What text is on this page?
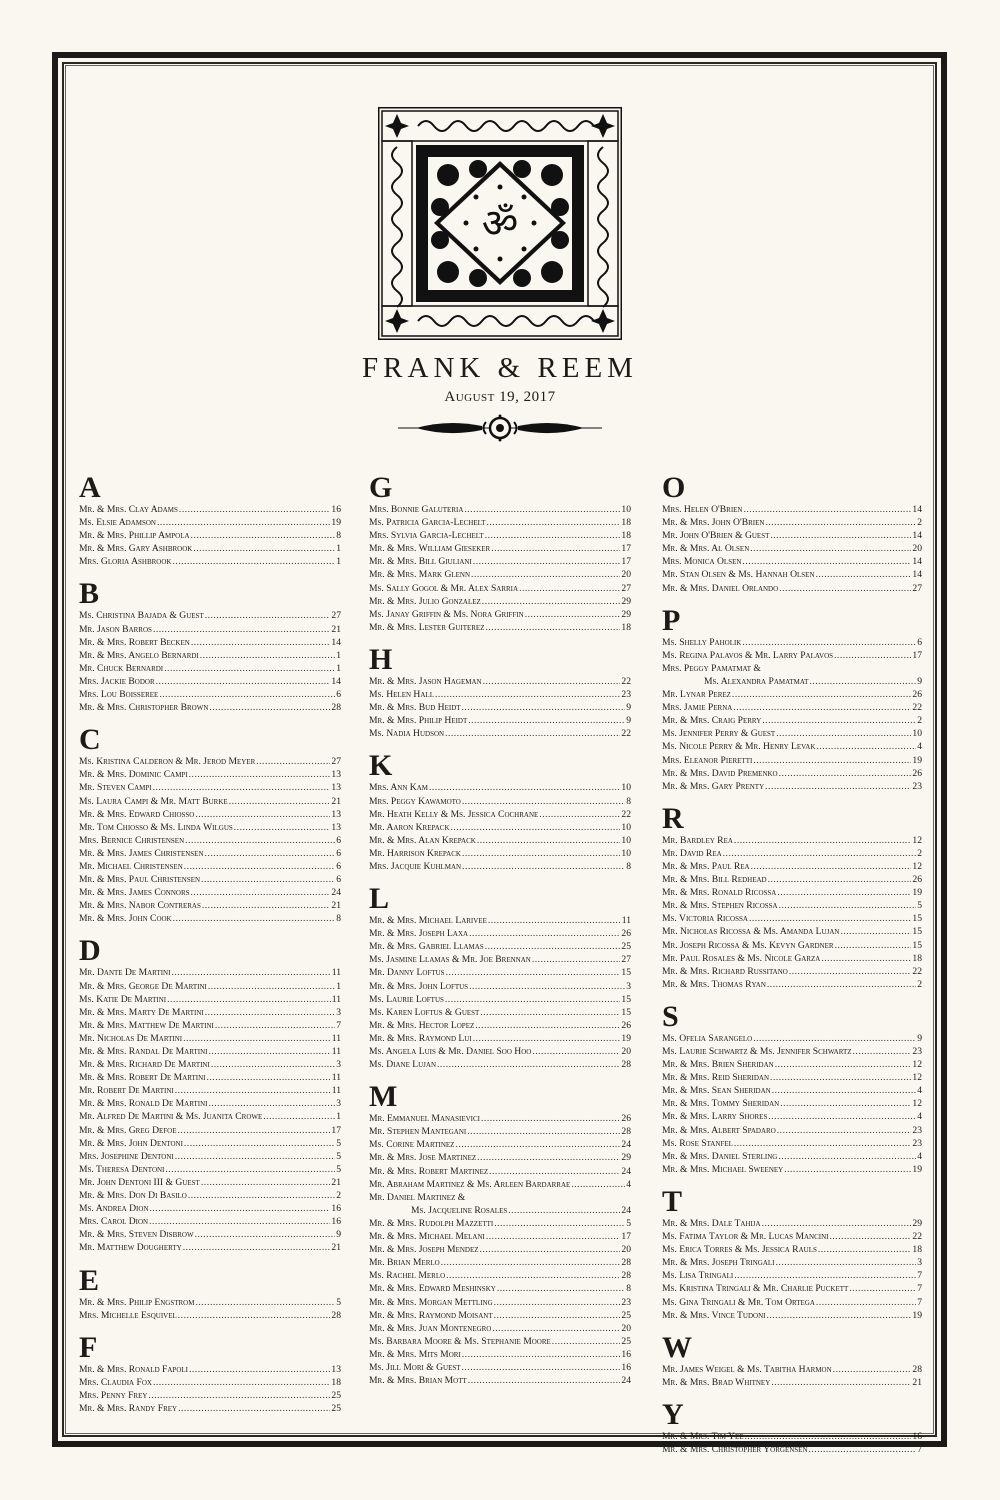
ॐ
FRANK & REEM
August 19, 2017
A
Mr. & Mrs. Clay Adams .....	16
Ms. Elsie Adamson .....	19
Mr. & Mrs. Phillip Ampola .....	8
Mr. & Mrs. Gary Ashbrook .....	1
Mrs. Gloria Ashbrook .....	1
B
Ms. Christina Bajada & Guest .....	27
Mr. Jason Barros .....	21
Mr. & Mrs. Robert Becken .....	14
Mr. & Mrs. Angelo Bernardi .....	1
Mr. Chuck Bernardi .....	1
Mrs. Jackie Bodor .....	14
Mrs. Lou Boisseree .....	6
Mr. & Mrs. Christopher Brown .....	28
C
Ms. Kristina Calderon & Mr. Jerod Meyer .....	27
Mr. & Mrs. Dominic Campi .....	13
Mr. Steven Campi .....	13
Ms. Laura Campi & Mr. Matt Burke .....	21
Mr. & Mrs. Edward Chiosso .....	13
Mr. Tom Chiosso & Ms. Linda Wilgus .....	13
Mrs. Bernice Christensen .....	6
Mr. & Mrs. James Christensen .....	6
Mr. Michael Christensen .....	6
Mr. & Mrs. Paul Christensen .....	6
Mr. & Mrs. James Connors .....	24
Mr. & Mrs. Nabor Contreras .....	21
Mr. & Mrs. John Cook .....	8
D
Mr. Dante De Martini .....	11
Mr. & Mrs. George De Martini .....	1
Ms. Katie De Martini .....	11
Mr. & Mrs. Marty De Martini .....	3
Mr. & Mrs. Matthew De Martini .....	7
Mr. Nicholas De Martini .....	11
Mr. & Mrs. Randal De Martini .....	11
Mr. & Mrs. Richard De Martini .....	3
Mr. & Mrs. Robert De Martini .....	11
Mr. Robert De Martini .....	11
Mr. & Mrs. Ronald De Martini .....	3
Mr. Alfred De Martini & Ms. Juanita Crowe .....	1
Mr. & Mrs. Greg Defoe .....	17
Mr. & Mrs. John Dentoni .....	5
Mrs. Josephine Dentoni .....	5
Ms. Theresa Dentoni .....	5
Mr. John Dentoni III & Guest .....	21
Mr. & Mrs. Don Di Basilo .....	2
Ms. Andrea Dion .....	16
Mrs. Carol Dion .....	16
Mr. & Mrs. Steven Disbrow .....	9
Mr. Matthew Dougherty .....	21
E
Mr. & Mrs. Philip Engstrom .....	5
Mrs. Michelle Esquivel .....	28
F
Mr. & Mrs. Ronald Fapoli .....	13
Mrs. Claudia Fox .....	18
Mrs. Penny Frey .....	25
Mr. & Mrs. Randy Frey .....	25
G
Mrs. Bonnie Galuteria .....	10
Ms. Patricia Garcia-Lechelt .....	18
Mrs. Sylvia Garcia-Lechelt .....	18
Mr. & Mrs. William Gieseker .....	17
Mr. & Mrs. Bill Giuliani .....	17
Mr. & Mrs. Mark Glenn .....	20
Ms. Sally Gogol & Mr. Alex Sarria .....	27
Mr. & Mrs. Julio Gonzalez .....	29
Ms. Janay Griffin & Ms. Nora Griffin .....	29
Mr. & Mrs. Lester Guiterez .....	18
H
Mr. & Mrs. Jason Hageman .....	22
Ms. Helen Hall .....	23
Mr. & Mrs. Bud Heidt .....	9
Mr. & Mrs. Philip Heidt .....	9
Ms. Nadia Hudson .....	22
K
Mrs. Ann Kam .....	10
Mrs. Peggy Kawamoto .....	8
Mr. Heath Kelly & Ms. Jessica Cochrane .....	22
Mr. Aaron Krepack .....	10
Mr. & Mrs. Alan Krepack .....	10
Mr. Harrison Krepack .....	10
Mrs. Jacquie Kuhlman .....	8
L
Mr. & Mrs. Michael Larivee .....	11
Mr. & Mrs. Joseph Laxa .....	26
Mr. & Mrs. Gabriel Llamas .....	25
Ms. Jasmine Llamas & Mr. Joe Brennan .....	27
Mr. Danny Loftus .....	15
Mr. & Mrs. John Loftus .....	3
Ms. Laurie Loftus .....	15
Ms. Karen Loftus & Guest .....	15
Mr. & Mrs. Hector Lopez .....	26
Mr. & Mrs. Raymond Lui .....	19
Ms. Angela Luis & Mr. Daniel Soo Hoo .....	20
Ms. Diane Lujan .....	28
M
Mr. Emmanuel Manasievici .....	26
Mr. Stephen Mantegani .....	28
Ms. Corine Martinez .....	24
Mr. & Mrs. Jose Martinez .....	29
Mr. & Mrs. Robert Martinez .....	24
Mr. Abraham Martinez & Ms. Arleen Bardarrae .....	4
Mr. Daniel Martinez &
Ms. Jacqueline Rosales .....	24
Mr. & Mrs. Rudolph Mazzetti .....	5
Mr. & Mrs. Michael Melani .....	17
Mr. & Mrs. Joseph Mendez .....	20
Mr. Brian Merlo .....	28
Ms. Rachel Merlo .....	28
Mr. & Mrs. Edward Meshinsky .....	8
Mr. & Mrs. Morgan Mettling .....	23
Mr. & Mrs. Raymond Moisant .....	25
Mr. & Mrs. Juan Montenegro .....	20
Ms. Barbara Moore & Ms. Stephanie Moore .....	25
Mr. & Mrs. Mits Mori .....	16
Ms. Jill Mori & Guest .....	16
Mr. & Mrs. Brian Mott .....	24
O
Mrs. Helen O'Brien .....	14
Mr. & Mrs. John O'Brien .....	2
Mr. John O'Brien & Guest .....	14
Mr. & Mrs. Al Olsen .....	20
Mrs. Monica Olsen .....	14
Mr. Stan Olsen & Ms. Hannah Olsen .....	14
Mr. & Mrs. Daniel Orlando .....	27
P
Ms. Shelly Paholik .....	6
Ms. Regina Palavos & Mr. Larry Palavos .....	17
Mrs. Peggy Pamatmat &
Ms. Alexandra Pamatmat .....	9
Mr. Lynar Perez .....	26
Mrs. Jamie Perna .....	22
Mr. & Mrs. Craig Perry .....	2
Ms. Jennifer Perry & Guest .....	10
Ms. Nicole Perry & Mr. Henry Levak .....	4
Mrs. Eleanor Pieretti .....	19
Mr. & Mrs. David Premenko .....	26
Mr. & Mrs. Gary Prenty .....	23
R
Mr. Bardley Rea .....	12
Mr. David Rea .....	2
Mr. & Mrs. Paul Rea .....	12
Mr. & Mrs. Bill Redhead .....	26
Mr. & Mrs. Ronald Ricossa .....	19
Mr. & Mrs. Stephen Ricossa .....	5
Ms. Victoria Ricossa .....	15
Mr. Nicholas Ricossa & Ms. Amanda Lujan .....	15
Mr. Joseph Ricossa & Ms. Kevyn Gardner .....	15
Mr. Paul Rosales & Ms. Nicole Garza .....	18
Mr. & Mrs. Richard Russitano .....	22
Mr. & Mrs. Thomas Ryan .....	2
S
Ms. Ofelia Sarangelo .....	9
Ms. Laurie Schwartz & Ms. Jennifer Schwartz .....	23
Mr. & Mrs. Brien Sheridan .....	12
Mr. & Mrs. Reid Sheridan .....	12
Mr. & Mrs. Sean Sheridan .....	4
Mr. & Mrs. Tommy Sheridan .....	12
Mr. & Mrs. Larry Shores .....	4
Mr. & Mrs. Albert Spadaro .....	23
Ms. Rose Stanfel .....	23
Mr. & Mrs. Daniel Sterling .....	4
Mr. & Mrs. Michael Sweeney .....	19
T
Mr. & Mrs. Dale Tahija .....	29
Ms. Fatima Taylor & Mr. Lucas Mancini .....	22
Ms. Erica Torres & Ms. Jessica Rauls .....	18
Mr. & Mrs. Joseph Tringali .....	3
Ms. Lisa Tringali .....	7
Ms. Kristina Tringali & Mr. Charlie Puckett .....	7
Ms. Gina Tringali & Mr. Tom Ortega .....	7
Mr. & Mrs. Vince Tudoni .....	19
W
Mr. James Weigel & Ms. Tabitha Harmon .....	28
Mr. & Mrs. Brad Whitney .....	21
Y
Mr. & Mrs. Tim Yee .....	16
Mr. & Mrs. Christopher Yorgensen .....	7
